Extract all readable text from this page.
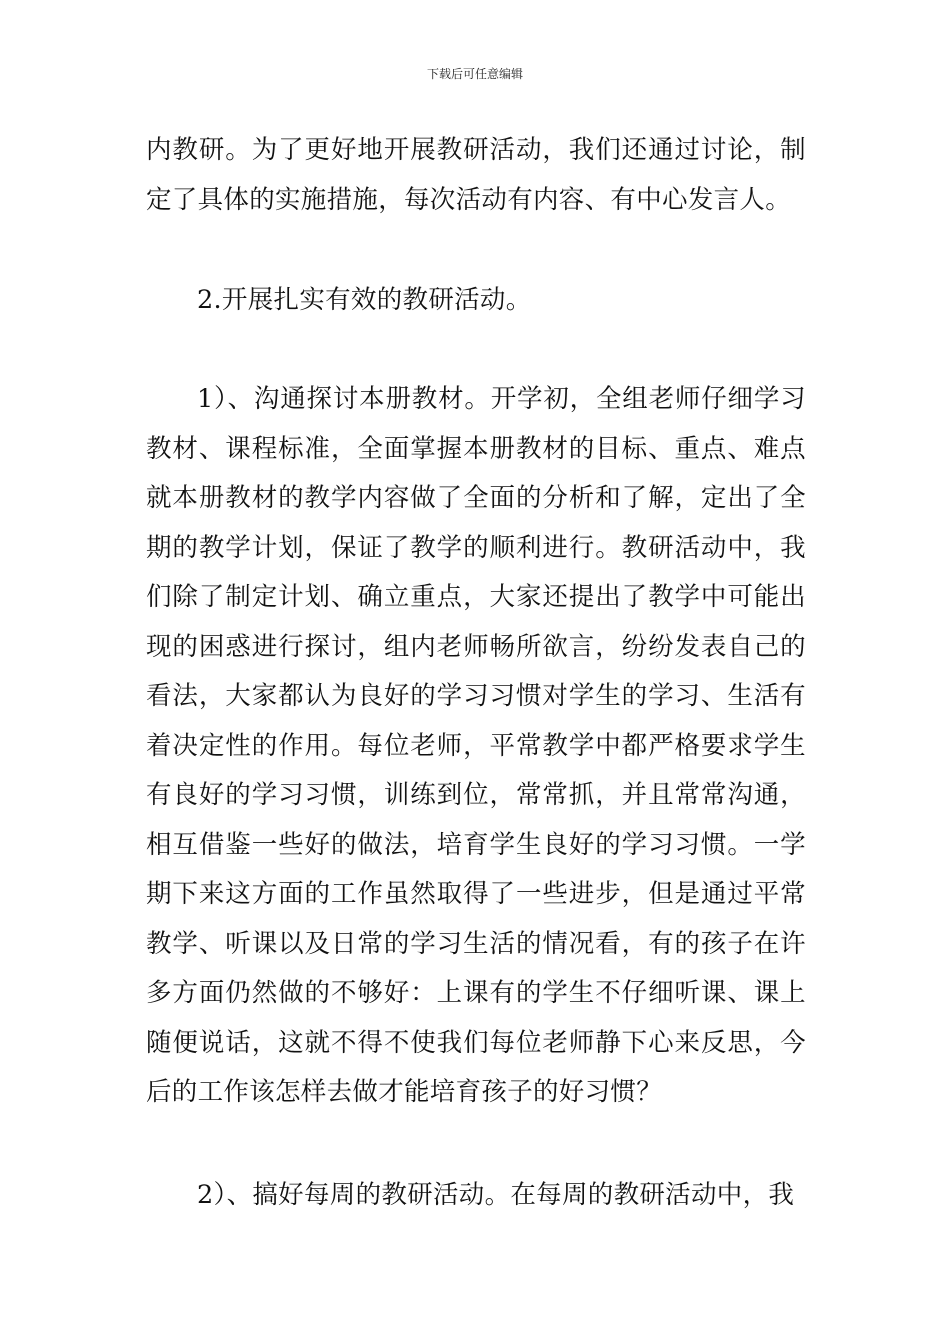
下载后可任意编辑

内教研。为了更好地开展教研活动，我们还通过讨论，制定了具体的实施措施，每次活动有内容、有中心发言人。

2.开展扎实有效的教研活动。

1）、沟通探讨本册教材。开学初，全组老师仔细学习教材、课程标准，全面掌握本册教材的目标、重点、难点就本册教材的教学内容做了全面的分析和了解，定出了全期的教学计划，保证了教学的顺利进行。教研活动中，我们除了制定计划、确立重点，大家还提出了教学中可能出现的困惑进行探讨，组内老师畅所欲言，纷纷发表自己的看法，大家都认为良好的学习习惯对学生的学习、生活有着决定性的作用。每位老师，平常教学中都严格要求学生有良好的学习习惯，训练到位，常常抓，并且常常沟通，相互借鉴一些好的做法，培育学生良好的学习习惯。一学期下来这方面的工作虽然取得了一些进步，但是通过平常教学、听课以及日常的学习生活的情况看，有的孩子在许多方面仍然做的不够好：上课有的学生不仔细听课、课上随便说话，这就不得不使我们每位老师静下心来反思，今后的工作该怎样去做才能培育孩子的好习惯？

2）、搞好每周的教研活动。在每周的教研活动中，我
